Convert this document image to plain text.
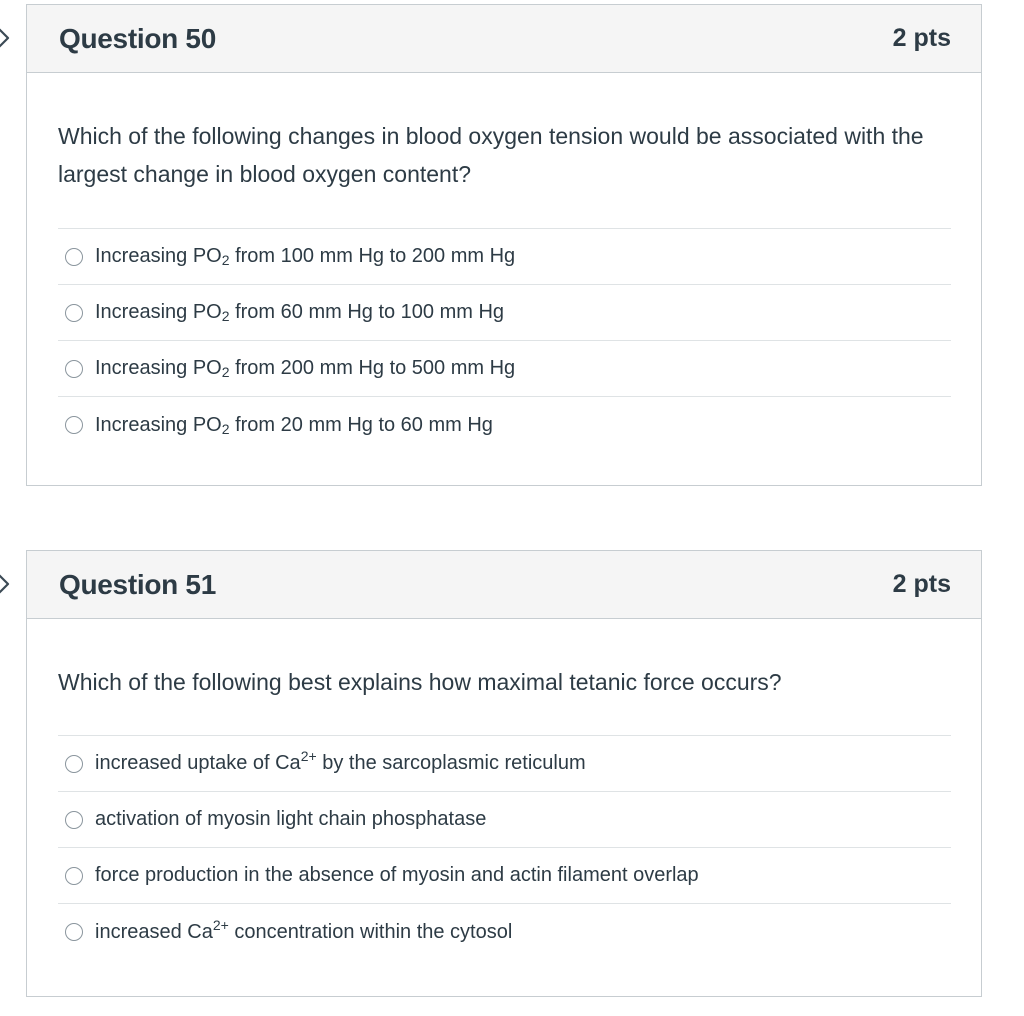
Question 50	2 pts

Which of the following changes in blood oxygen tension would be associated with the largest change in blood oxygen content?

Increasing $PO_2$ from 100 mm Hg to 200 mm Hg
Increasing $PO_2$ from 60 mm Hg to 100 mm Hg
Increasing $PO_2$ from 200 mm Hg to 500 mm Hg
Increasing $PO_2$ from 20 mm Hg to 60 mm Hg
Question 51	2 pts

Which of the following best explains how maximal tetanic force occurs?

increased uptake of $Ca^{2+}$ by the sarcoplasmic reticulum
activation of myosin light chain phosphatase
force production in the absence of myosin and actin filament overlap
increased $Ca^{2+}$ concentration within the cytosol
